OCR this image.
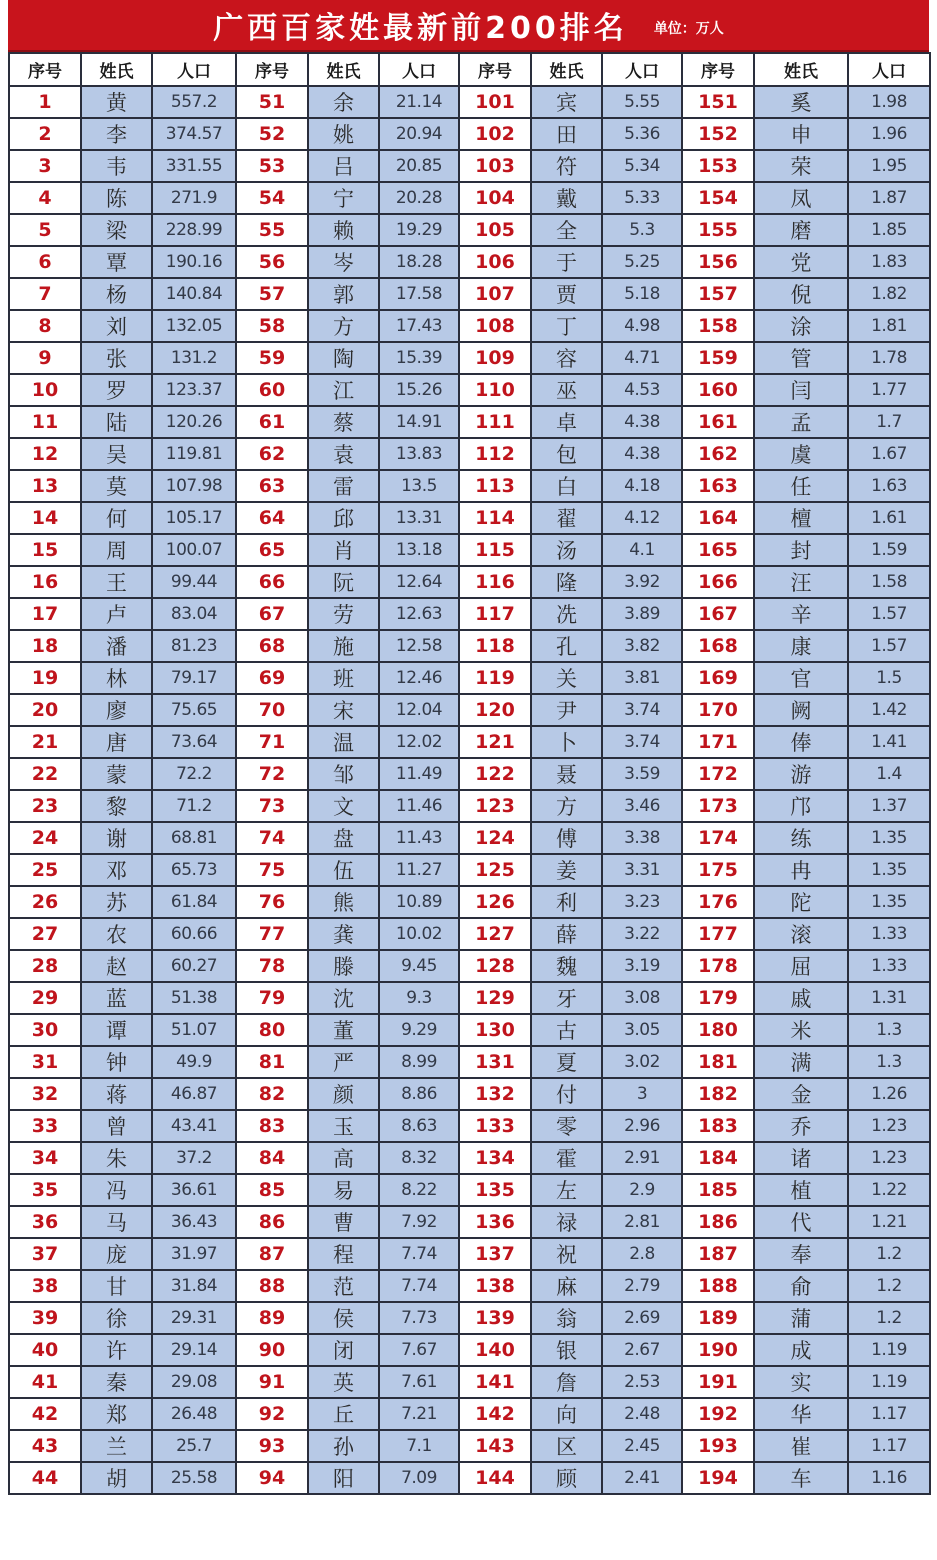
广西百家姓最新前200排名 单位：万人
序号	姓氏	人口	序号	姓氏	人口	序号	姓氏	人口	序号	姓氏	人口
1	黄	557.2	51	余	21.14	101	宾	5.55	151	奚	1.98
2	李	374.57	52	姚	20.94	102	田	5.36	152	申	1.96
3	韦	331.55	53	吕	20.85	103	符	5.34	153	荣	1.95
4	陈	271.9	54	宁	20.28	104	戴	5.33	154	凤	1.87
5	梁	228.99	55	赖	19.29	105	全	5.3	155	磨	1.85
6	覃	190.16	56	岑	18.28	106	于	5.25	156	党	1.83
7	杨	140.84	57	郭	17.58	107	贾	5.18	157	倪	1.82
8	刘	132.05	58	方	17.43	108	丁	4.98	158	涂	1.81
9	张	131.2	59	陶	15.39	109	容	4.71	159	管	1.78
10	罗	123.37	60	江	15.26	110	巫	4.53	160	闫	1.77
11	陆	120.26	61	蔡	14.91	111	卓	4.38	161	孟	1.7
12	吴	119.81	62	袁	13.83	112	包	4.38	162	虞	1.67
13	莫	107.98	63	雷	13.5	113	白	4.18	163	任	1.63
14	何	105.17	64	邱	13.31	114	翟	4.12	164	檀	1.61
15	周	100.07	65	肖	13.18	115	汤	4.1	165	封	1.59
16	王	99.44	66	阮	12.64	116	隆	3.92	166	汪	1.58
17	卢	83.04	67	劳	12.63	117	冼	3.89	167	辛	1.57
18	潘	81.23	68	施	12.58	118	孔	3.82	168	康	1.57
19	林	79.17	69	班	12.46	119	关	3.81	169	官	1.5
20	廖	75.65	70	宋	12.04	120	尹	3.74	170	阙	1.42
21	唐	73.64	71	温	12.02	121	卜	3.74	171	俸	1.41
22	蒙	72.2	72	邹	11.49	122	聂	3.59	172	游	1.4
23	黎	71.2	73	文	11.46	123	方	3.46	173	邝	1.37
24	谢	68.81	74	盘	11.43	124	傅	3.38	174	练	1.35
25	邓	65.73	75	伍	11.27	125	姜	3.31	175	冉	1.35
26	苏	61.84	76	熊	10.89	126	利	3.23	176	陀	1.35
27	农	60.66	77	龚	10.02	127	薛	3.22	177	滚	1.33
28	赵	60.27	78	滕	9.45	128	魏	3.19	178	屈	1.33
29	蓝	51.38	79	沈	9.3	129	牙	3.08	179	戚	1.31
30	谭	51.07	80	董	9.29	130	古	3.05	180	米	1.3
31	钟	49.9	81	严	8.99	131	夏	3.02	181	满	1.3
32	蒋	46.87	82	颜	8.86	132	付	3	182	金	1.26
33	曾	43.41	83	玉	8.63	133	零	2.96	183	乔	1.23
34	朱	37.2	84	高	8.32	134	霍	2.91	184	诸	1.23
35	冯	36.61	85	易	8.22	135	左	2.9	185	植	1.22
36	马	36.43	86	曹	7.92	136	禄	2.81	186	代	1.21
37	庞	31.97	87	程	7.74	137	祝	2.8	187	奉	1.2
38	甘	31.84	88	范	7.74	138	麻	2.79	188	俞	1.2
39	徐	29.31	89	侯	7.73	139	翁	2.69	189	蒲	1.2
40	许	29.14	90	闭	7.67	140	银	2.67	190	成	1.19
41	秦	29.08	91	英	7.61	141	詹	2.53	191	实	1.19
42	郑	26.48	92	丘	7.21	142	向	2.48	192	华	1.17
43	兰	25.7	93	孙	7.1	143	区	2.45	193	崔	1.17
44	胡	25.58	94	阳	7.09	144	顾	2.41	194	车	1.16
